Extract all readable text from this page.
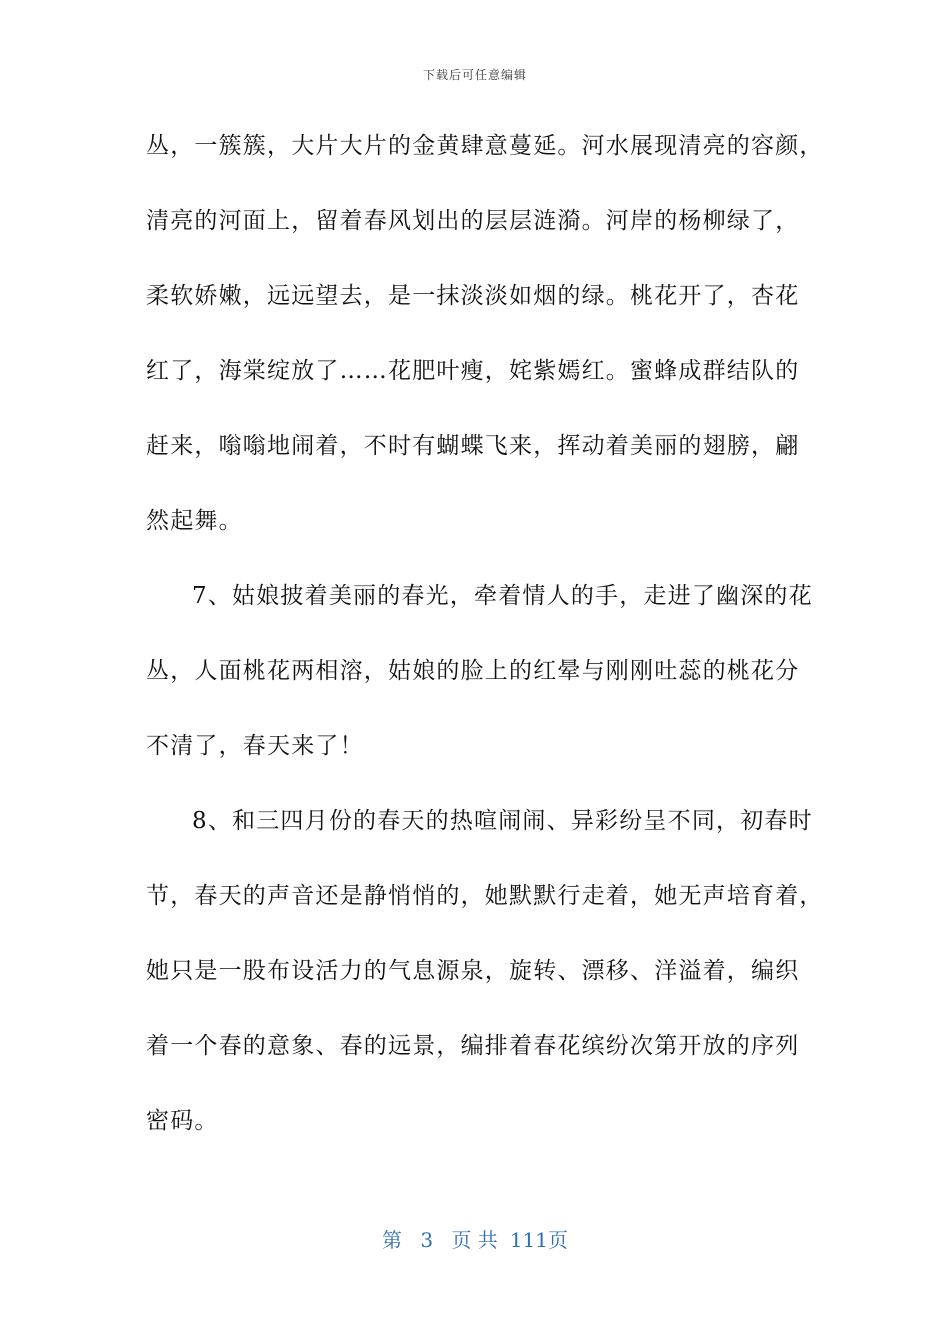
下载后可任意编辑
丛，一簇簇，大片大片的金黄肆意蔓延。河水展现清亮的容颜，
清亮的河面上，留着春风划出的层层涟漪。河岸的杨柳绿了，
柔软娇嫩，远远望去，是一抹淡淡如烟的绿。桃花开了，杏花
红了，海棠绽放了……花肥叶瘦，姹紫嫣红。蜜蜂成群结队的
赶来，嗡嗡地闹着，不时有蝴蝶飞来，挥动着美丽的翅膀，翩
然起舞。
7、姑娘披着美丽的春光，牵着情人的手，走进了幽深的花
丛，人面桃花两相溶，姑娘的脸上的红晕与刚刚吐蕊的桃花分
不清了，春天来了！
8、和三四月份的春天的热喧闹闹、异彩纷呈不同，初春时
节，春天的声音还是静悄悄的，她默默行走着，她无声培育着，
她只是一股布设活力的气息源泉，旋转、漂移、洋溢着，编织
着一个春的意象、春的远景，编排着春花缤纷次第开放的序列
密码。
第 3 页 共 111页
